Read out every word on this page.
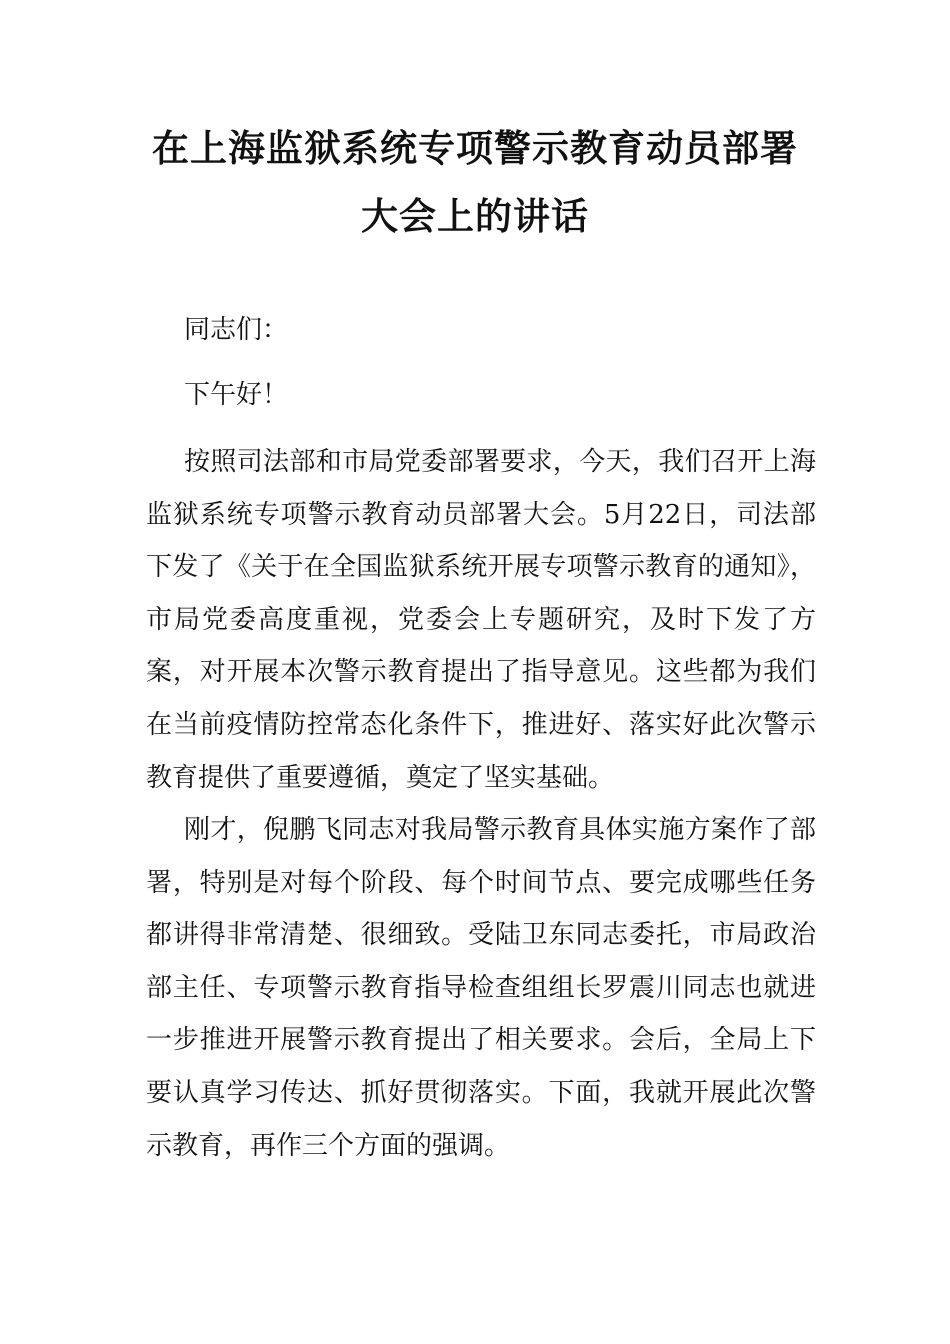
在上海监狱系统专项警示教育动员部署
大会上的讲话

同志们：

下午好！

按照司法部和市局党委部署要求，今天，我们召开上海监狱系统专项警示教育动员部署大会。5月22日，司法部下发了《关于在全国监狱系统开展专项警示教育的通知》，市局党委高度重视，党委会上专题研究，及时下发了方案，对开展本次警示教育提出了指导意见。这些都为我们在当前疫情防控常态化条件下，推进好、落实好此次警示教育提供了重要遵循，奠定了坚实基础。

刚才，倪鹏飞同志对我局警示教育具体实施方案作了部署，特别是对每个阶段、每个时间节点、要完成哪些任务都讲得非常清楚、很细致。受陆卫东同志委托，市局政治部主任、专项警示教育指导检查组组长罗震川同志也就进一步推进开展警示教育提出了相关要求。会后，全局上下要认真学习传达、抓好贯彻落实。下面，我就开展此次警示教育，再作三个方面的强调。
